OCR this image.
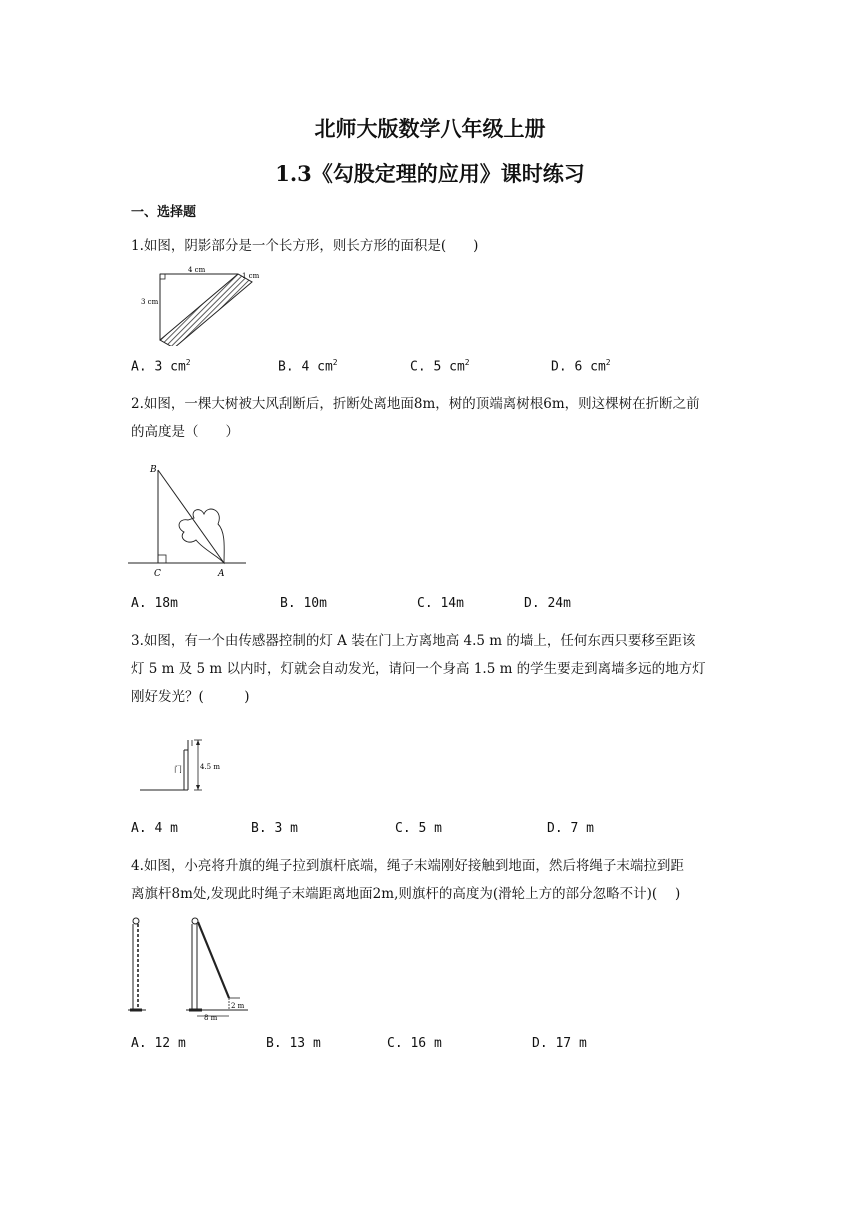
北师大版数学八年级上册
1.3《勾股定理的应用》课时练习
一、选择题
1.如图，阴影部分是一个长方形，则长方形的面积是(　　)
4 cm
3 cm
1 cm
A. 3 $cm^2$	B. 4 $cm^2$	C. 5 $cm^2$	D. 6 $cm^2$
2.如图，一棵大树被大风刮断后，折断处离地面8m，树的顶端离树根6m，则这棵树在折断之前
的高度是（　　）
B
C	A
A. 18m	B. 10m	C. 14m	D. 24m
3.如图，有一个由传感器控制的灯 A 装在门上方离地高 4.5 m 的墙上，任何东西只要移至距该
灯 5 m 及 5 m 以内时，灯就会自动发光，请问一个身高 1.5 m 的学生要走到离墙多远的地方灯
刚好发光？(　　　)
4.5 m
门
A. 4 m	B. 3 m	C. 5 m	D. 7 m
4.如图，小亮将升旗的绳子拉到旗杆底端，绳子末端刚好接触到地面，然后将绳子末端拉到距
离旗杆8m处,发现此时绳子末端距离地面2m,则旗杆的高度为(滑轮上方的部分忽略不计)(　 )
8 m
2 m
A. 12 m	B. 13 m	C. 16 m	D. 17 m
